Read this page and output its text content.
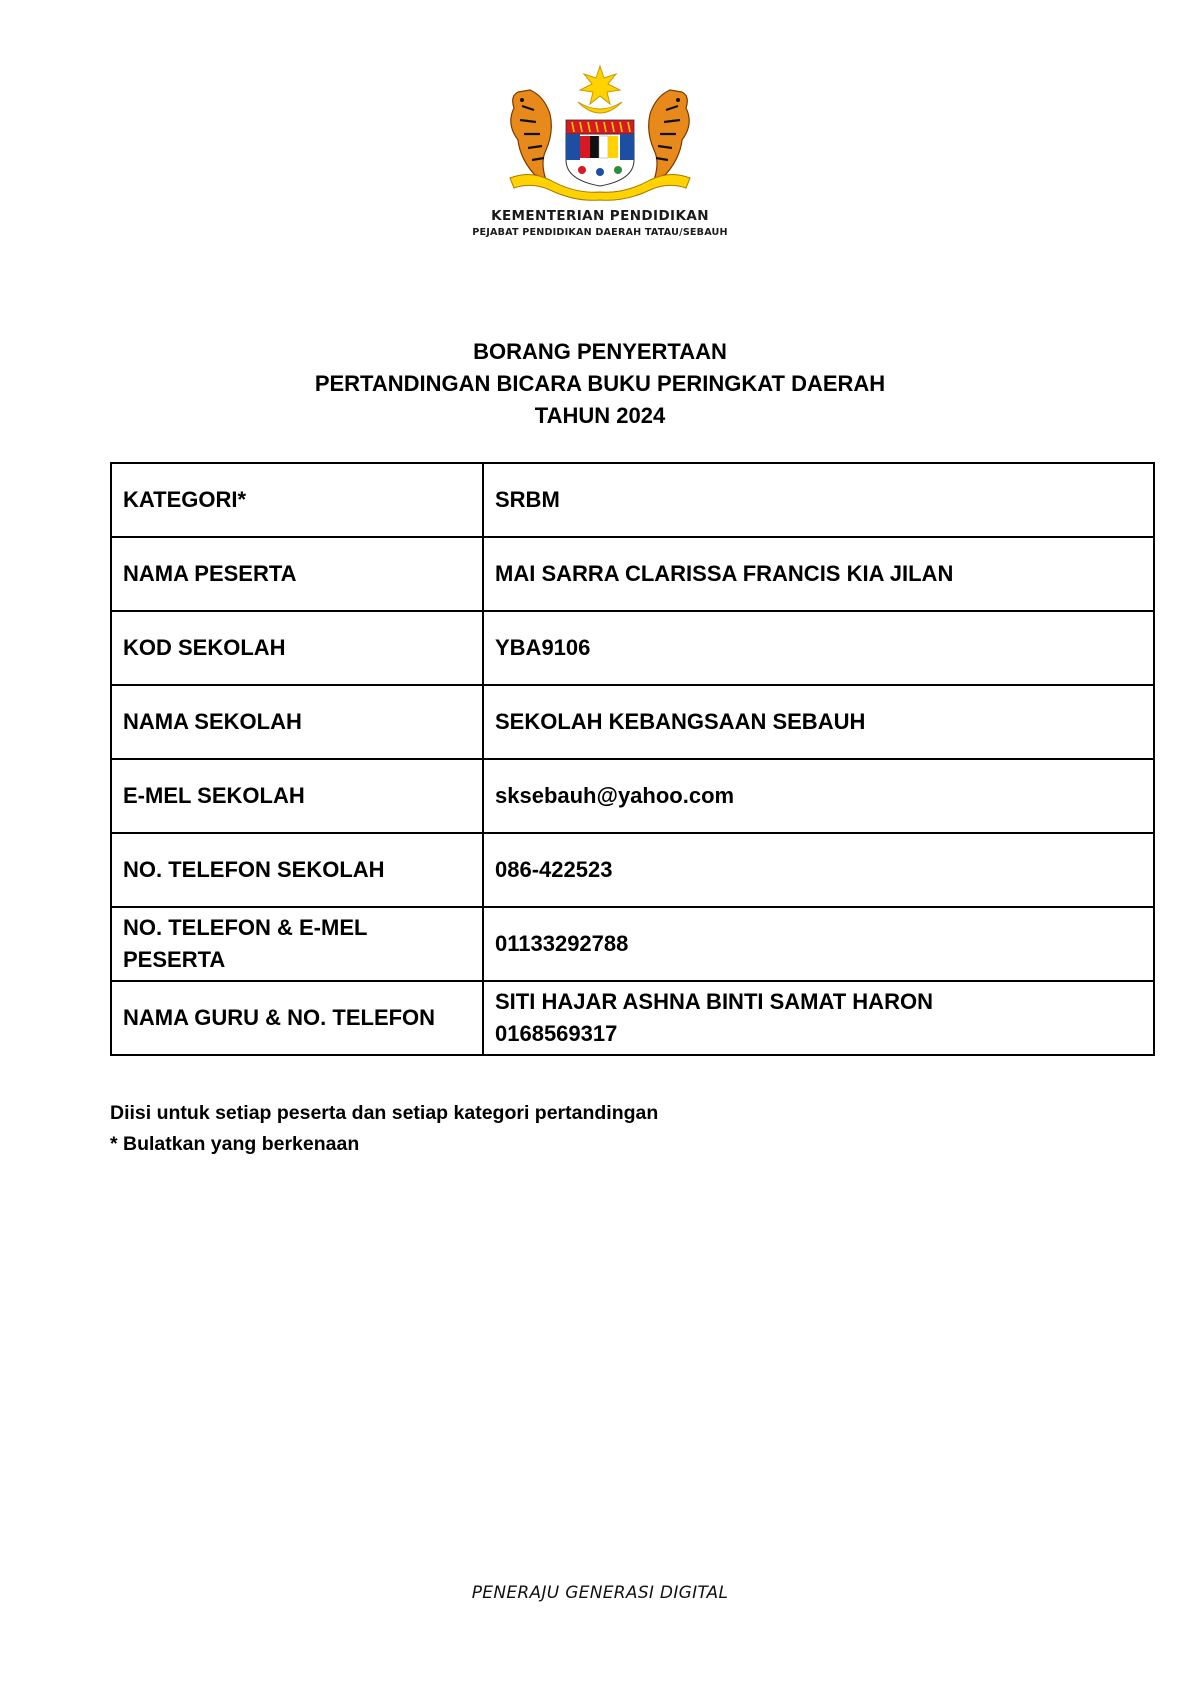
KEMENTERIAN PENDIDIKAN
PEJABAT PENDIDIKAN DAERAH TATAU/SEBAUH
BORANG PENYERTAAN
PERTANDINGAN BICARA BUKU PERINGKAT DAERAH
TAHUN 2024
KATEGORI*	SRBM

NAMA PESERTA	MAI SARRA CLARISSA FRANCIS KIA JILAN

KOD SEKOLAH	YBA9106

NAMA SEKOLAH	SEKOLAH KEBANGSAAN SEBAUH

E-MEL SEKOLAH	sksebauh@yahoo.com

NO. TELEFON SEKOLAH	086-422523

NO. TELEFON & E-MEL PESERTA	01133292788

NAMA GURU & NO. TELEFON	SITI HAJAR ASHNA BINTI SAMAT HARON
0168569317
Diisi untuk setiap peserta dan setiap kategori pertandingan
* Bulatkan yang berkenaan
PENERAJU GENERASI DIGITAL
